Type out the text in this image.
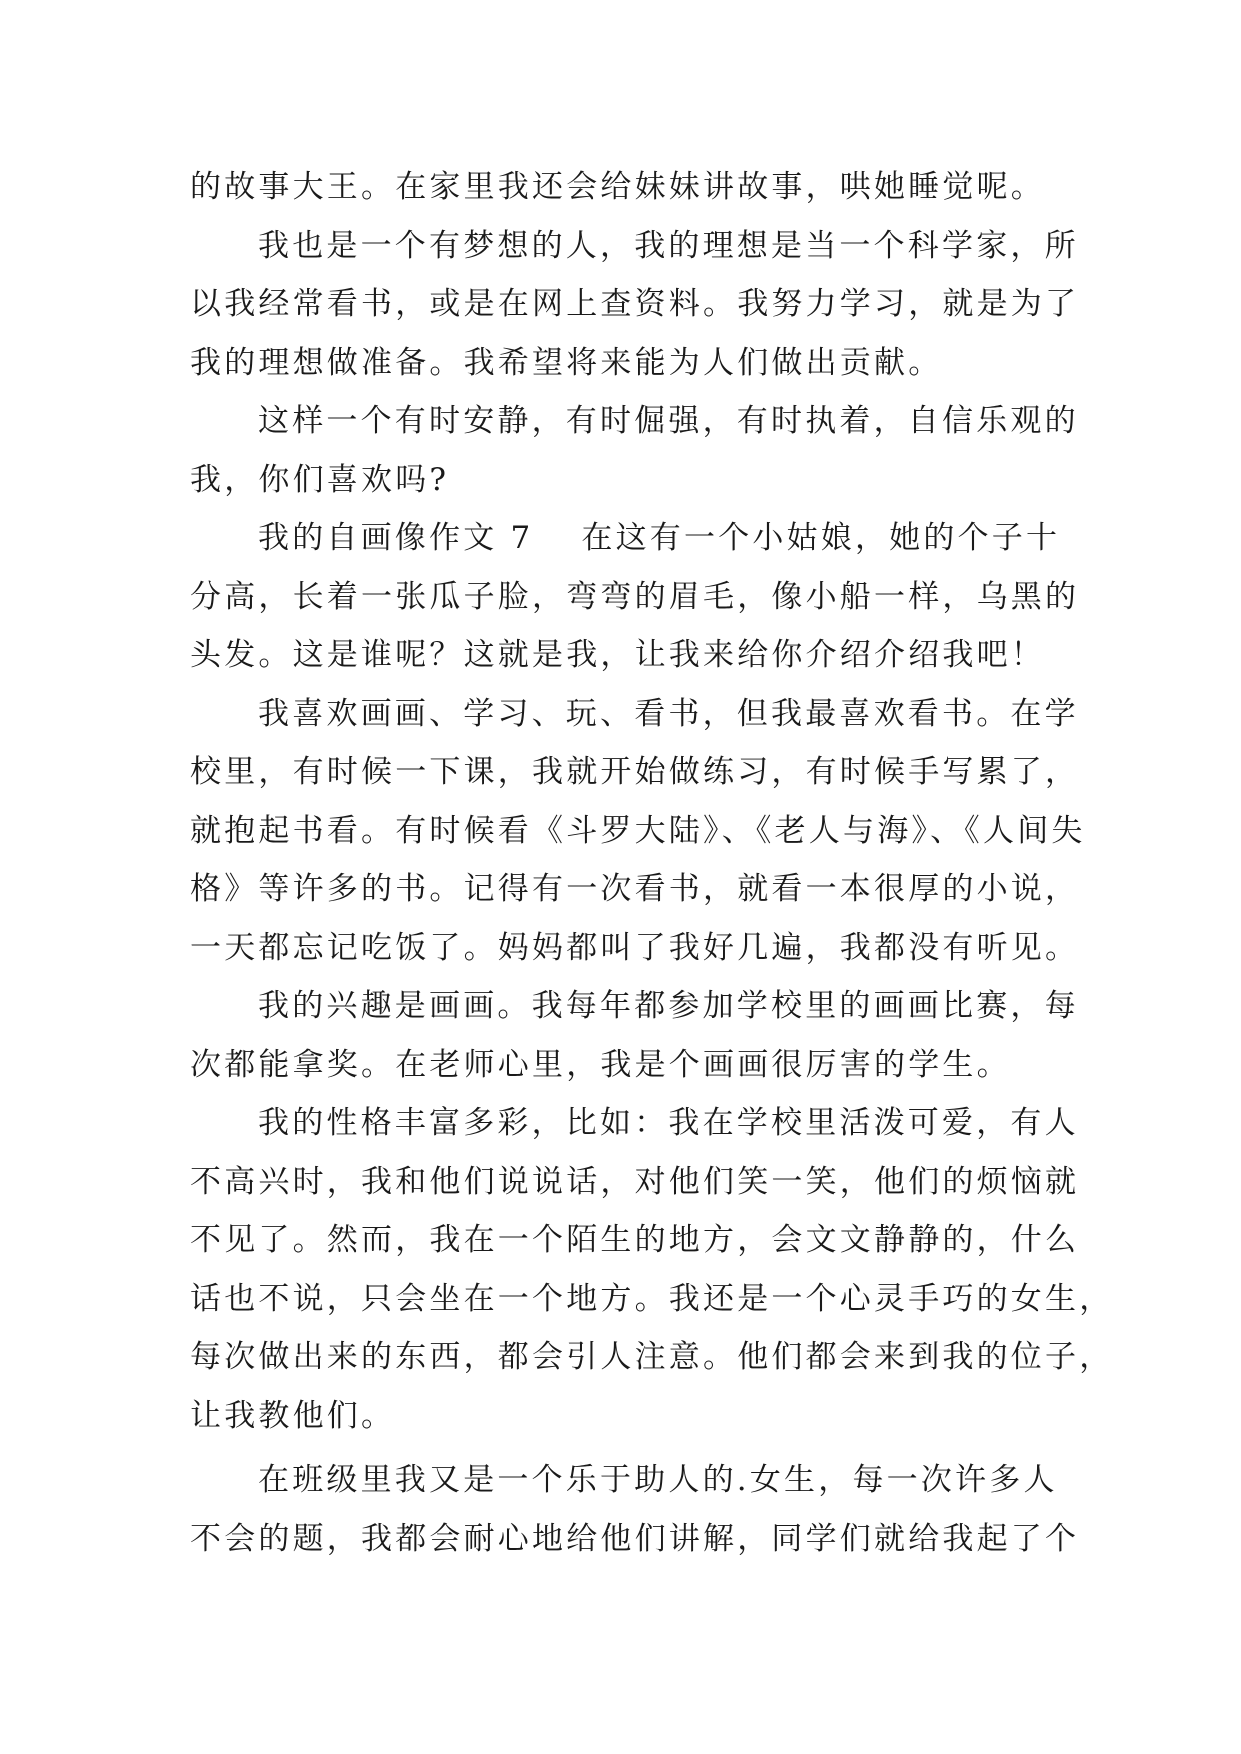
的故事大王。在家里我还会给妹妹讲故事，哄她睡觉呢。

我也是一个有梦想的人，我的理想是当一个科学家，所
以我经常看书，或是在网上查资料。我努力学习，就是为了
我的理想做准备。我希望将来能为人们做出贡献。

这样一个有时安静，有时倔强，有时执着，自信乐观的
我，你们喜欢吗?

我的自画像作文 7 在这有一个小姑娘，她的个子十
分高，长着一张瓜子脸，弯弯的眉毛，像小船一样，乌黑的
头发。这是谁呢？这就是我，让我来给你介绍介绍我吧！

我喜欢画画、学习、玩、看书，但我最喜欢看书。在学
校里，有时候一下课，我就开始做练习，有时候手写累了，
就抱起书看。有时候看《斗罗大陆》、《老人与海》、《人间失
格》等许多的书。记得有一次看书，就看一本很厚的小说，
一天都忘记吃饭了。妈妈都叫了我好几遍，我都没有听见。

我的兴趣是画画。我每年都参加学校里的画画比赛，每
次都能拿奖。在老师心里，我是个画画很厉害的学生。

我的性格丰富多彩，比如：我在学校里活泼可爱，有人
不高兴时，我和他们说说话，对他们笑一笑，他们的烦恼就
不见了。然而，我在一个陌生的地方，会文文静静的，什么
话也不说，只会坐在一个地方。我还是一个心灵手巧的女生，
每次做出来的东西，都会引人注意。他们都会来到我的位子，
让我教他们。

在班级里我又是一个乐于助人的.女生，每一次许多人
不会的题，我都会耐心地给他们讲解，同学们就给我起了个
